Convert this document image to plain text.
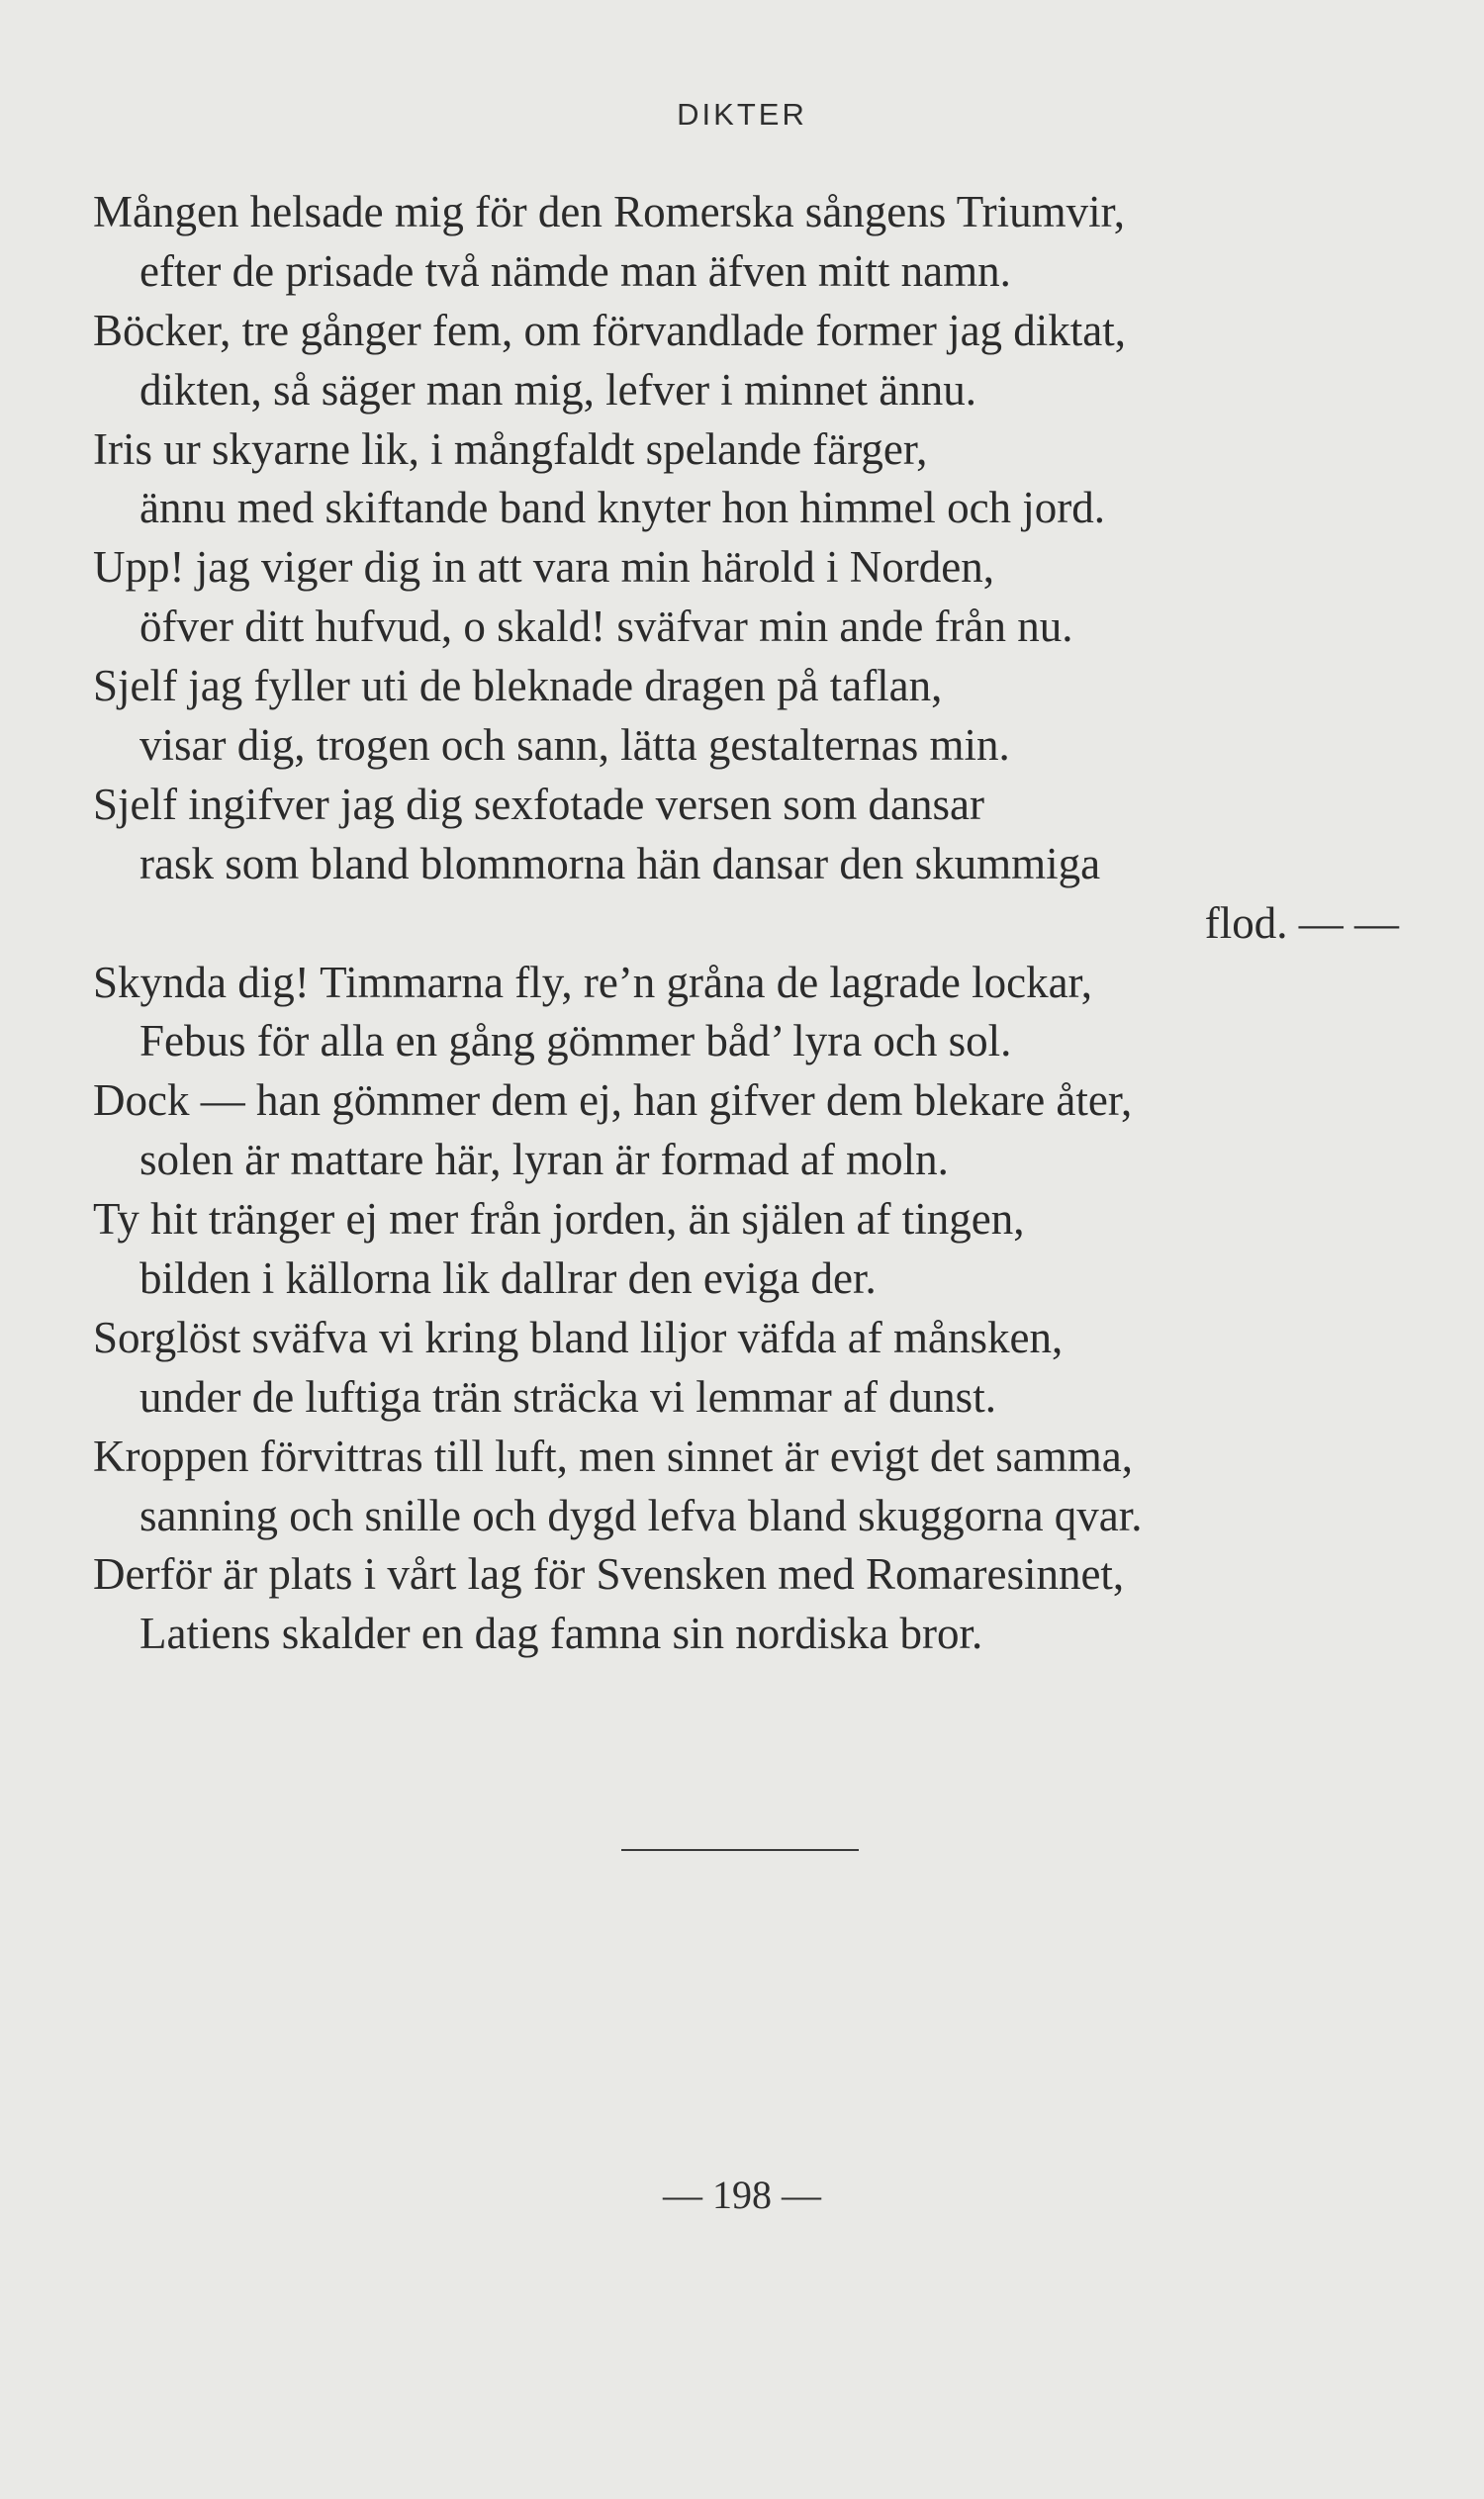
DIKTER
Mången helsade mig för den Romerska sångens Triumvir,
efter de prisade två nämde man äfven mitt namn.
Böcker, tre gånger fem, om förvandlade former jag diktat,
dikten, så säger man mig, lefver i minnet ännu.
Iris ur skyarne lik, i mångfaldt spelande färger,
ännu med skiftande band knyter hon himmel och jord.
Upp! jag viger dig in att vara min härold i Norden,
öfver ditt hufvud, o skald! sväfvar min ande från nu.
Sjelf jag fyller uti de bleknade dragen på taflan,
visar dig, trogen och sann, lätta gestalternas min.
Sjelf ingifver jag dig sexfotade versen som dansar
rask som bland blommorna hän dansar den skummiga
flod. — —
Skynda dig! Timmarna fly, re’n gråna de lagrade lockar,
Febus för alla en gång gömmer båd’ lyra och sol.
Dock — han gömmer dem ej, han gifver dem blekare åter,
solen är mattare här, lyran är formad af moln.
Ty hit tränger ej mer från jorden, än själen af tingen,
bilden i källorna lik dallrar den eviga der.
Sorglöst sväfva vi kring bland liljor väfda af månsken,
under de luftiga trän sträcka vi lemmar af dunst.
Kroppen förvittras till luft, men sinnet är evigt det samma,
sanning och snille och dygd lefva bland skuggorna qvar.
Derför är plats i vårt lag för Svensken med Romaresinnet,
Latiens skalder en dag famna sin nordiska bror.
— 198 —
